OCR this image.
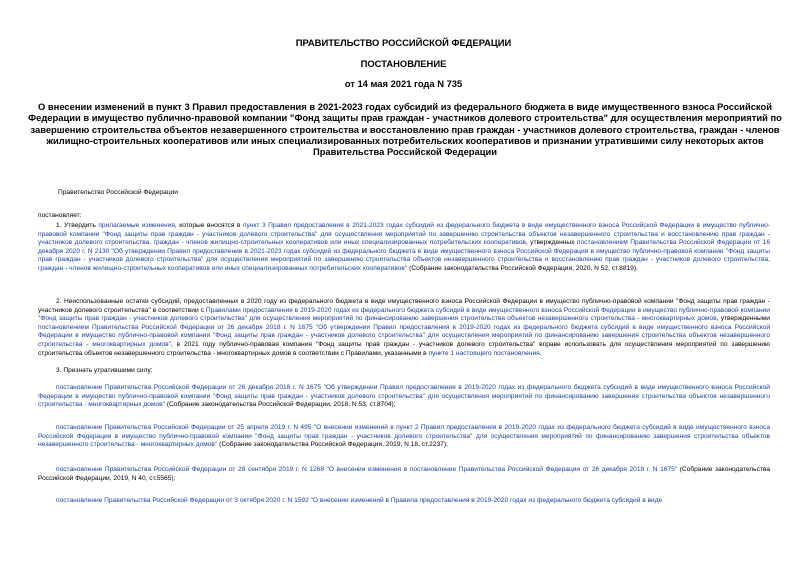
ПРАВИТЕЛЬСТВО РОССИЙСКОЙ ФЕДЕРАЦИИ
ПОСТАНОВЛЕНИЕ
от 14 мая 2021 года N 735
О внесении изменений в пункт 3 Правил предоставления в 2021-2023 годах субсидий из федерального бюджета в виде имущественного взноса Российской Федерации в имущество публично-правовой компании "Фонд защиты прав граждан - участников долевого строительства" для осуществления мероприятий по завершению строительства объектов незавершенного строительства и восстановлению прав граждан - участников долевого строительства, граждан - членов жилищно-строительных кооперативов или иных специализированных потребительских кооперативов и признании утратившими силу некоторых актов Правительства Российской Федерации
Правительство Российской Федерации
постановляет:
1. Утвердить прилагаемые изменения, которые вносятся в пункт 3 Правил предоставления в 2021-2023 годах субсидий из федерального бюджета в виде имущественного взноса Российской Федерации в имущество публично-правовой компании "Фонд защиты прав граждан - участников долевого строительства" для осуществления мероприятий по завершению строительства объектов незавершенного строительства и восстановлению прав граждан - участников долевого строительства, граждан - членов жилищно-строительных кооперативов или иных специализированных потребительских кооперативов, утвержденных постановлением Правительства Российской Федерации от 16 декабря 2020 г. N 2130 "Об утверждении Правил предоставления в 2021-2023 годах субсидий из федерального бюджета в виде имущественного взноса Российской Федерации в имущество публично-правовой компании "Фонд защиты прав граждан - участников долевого строительства" для осуществления мероприятий по завершению строительства объектов незавершенного строительства и восстановлению прав граждан - участников долевого строительства, граждан - членов жилищно-строительных кооперативов или иных специализированных потребительских кооперативов" (Собрание законодательства Российской Федерации, 2020, N 52, ст.8819).
2. Неиспользованные остатки субсидий, предоставленных в 2020 году из федерального бюджета в виде имущественного взноса Российской Федерации в имущество публично-правовой компании "Фонд защиты прав граждан - участников долевого строительства" в соответствии с Правилами предоставления в 2019-2020 годах из федерального бюджета субсидий в виде имущественного взноса Российской Федерации в имущество публично-правовой компании "Фонд защиты прав граждан - участников долевого строительства" для осуществления мероприятий по финансированию завершения строительства объектов незавершенного строительства - многоквартирных домов, утвержденными постановлением Правительства Российской Федерации от 26 декабря 2018 г. N 1675 "Об утверждении Правил предоставления в 2019-2020 годах из федерального бюджета субсидий в виде имущественного взноса Российской Федерации в имущество публично-правовой компании "Фонд защиты прав граждан - участников долевого строительства" для осуществления мероприятий по финансированию завершения строительства объектов незавершенного строительства - многоквартирных домов", в 2021 году публично-правовая компания "Фонд защиты прав граждан - участников долевого строительства" вправе использовать для осуществления мероприятий по завершению строительства объектов незавершенного строительства - многоквартирных домов в соответствии с Правилами, указанными в пункте 1 настоящего постановления.
3. Признать утратившими силу:
постановление Правительства Российской Федерации от 26 декабря 2018 г. N 1675 "Об утверждении Правил предоставления в 2019-2020 годах из федерального бюджета субсидий в виде имущественного взноса Российской Федерации в имущество публично-правовой компании "Фонд защиты прав граждан - участников долевого строительства" для осуществления мероприятий по финансированию завершения строительства объектов незавершенного строительства - многоквартирных домов" (Собрание законодательства Российской Федерации, 2018, N 53, ст.8704);
постановление Правительства Российской Федерации от 25 апреля 2019 г. N 495 "О внесении изменений в пункт 2 Правил предоставления в 2019-2020 годах из федерального бюджета субсидий в виде имущественного взноса Российской Федерации в имущество публично-правовой компании "Фонд защиты прав граждан - участников долевого строительства" для осуществления мероприятий по финансированию завершения строительства объектов незавершенного строительства - многоквартирных домов" (Собрание законодательства Российской Федерации, 2019, N 18, ст.2237);
постановление Правительства Российской Федерации от 28 сентября 2019 г. N 1268 "О внесении изменения в постановление Правительства Российской Федерации от 26 декабря 2018 г. N 1675" (Собрание законодательства Российской Федерации, 2019, N 40, ст.5565);
постановление Правительства Российской Федерации от 3 октября 2020 г. N 1592 "О внесении изменений в Правила предоставления в 2019-2020 годах из федерального бюджета субсидий в виде
